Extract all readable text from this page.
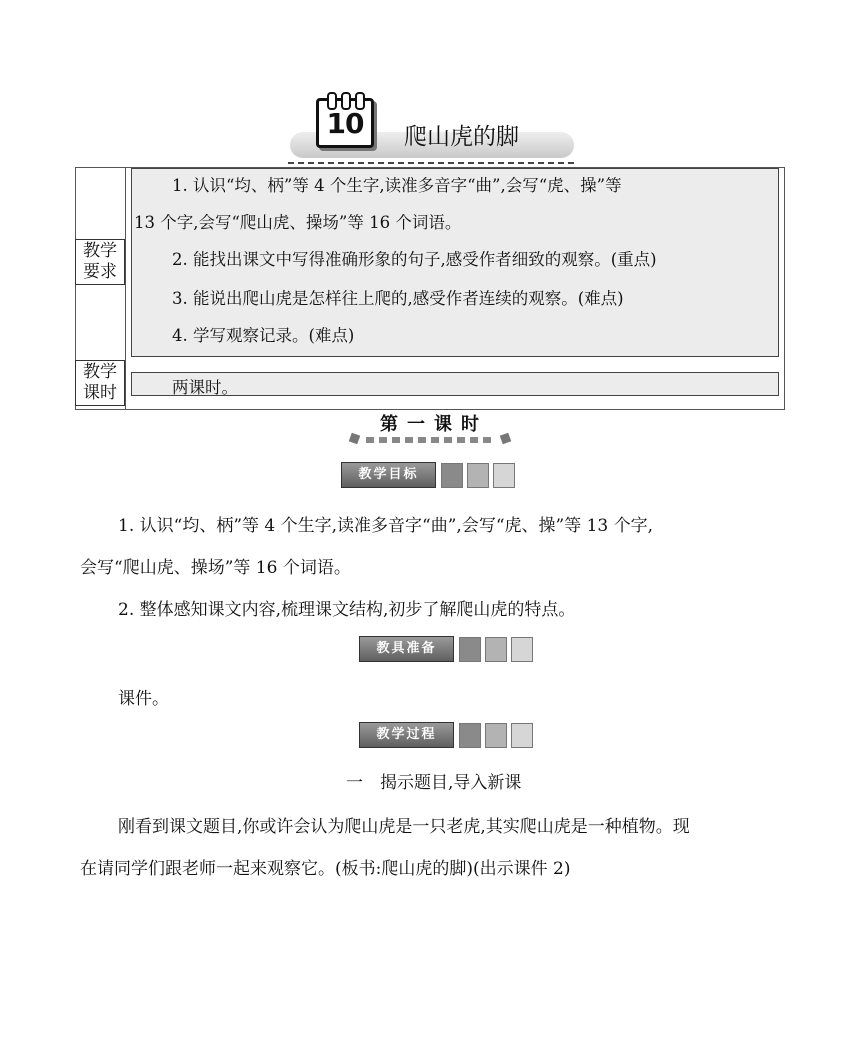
10	爬山虎的脚
教学要求
1. 认识“均、柄”等 4 个生字,读准多音字“曲”,会写“虎、操”等
13 个字,会写“爬山虎、操场”等 16 个词语。
2. 能找出课文中写得准确形象的句子,感受作者细致的观察。(重点)
3. 能说出爬山虎是怎样往上爬的,感受作者连续的观察。(难点)
4. 学写观察记录。(难点)
教学课时	两课时。
第一课时
教学目标
1. 认识“均、柄”等 4 个生字,读准多音字“曲”,会写“虎、操”等 13 个字,
会写“爬山虎、操场”等 16 个词语。
2. 整体感知课文内容,梳理课文结构,初步了解爬山虎的特点。
教具准备
课件。
教学过程
一　揭示题目,导入新课
刚看到课文题目,你或许会认为爬山虎是一只老虎,其实爬山虎是一种植物。现
在请同学们跟老师一起来观察它。(板书:爬山虎的脚)(出示课件 2)
